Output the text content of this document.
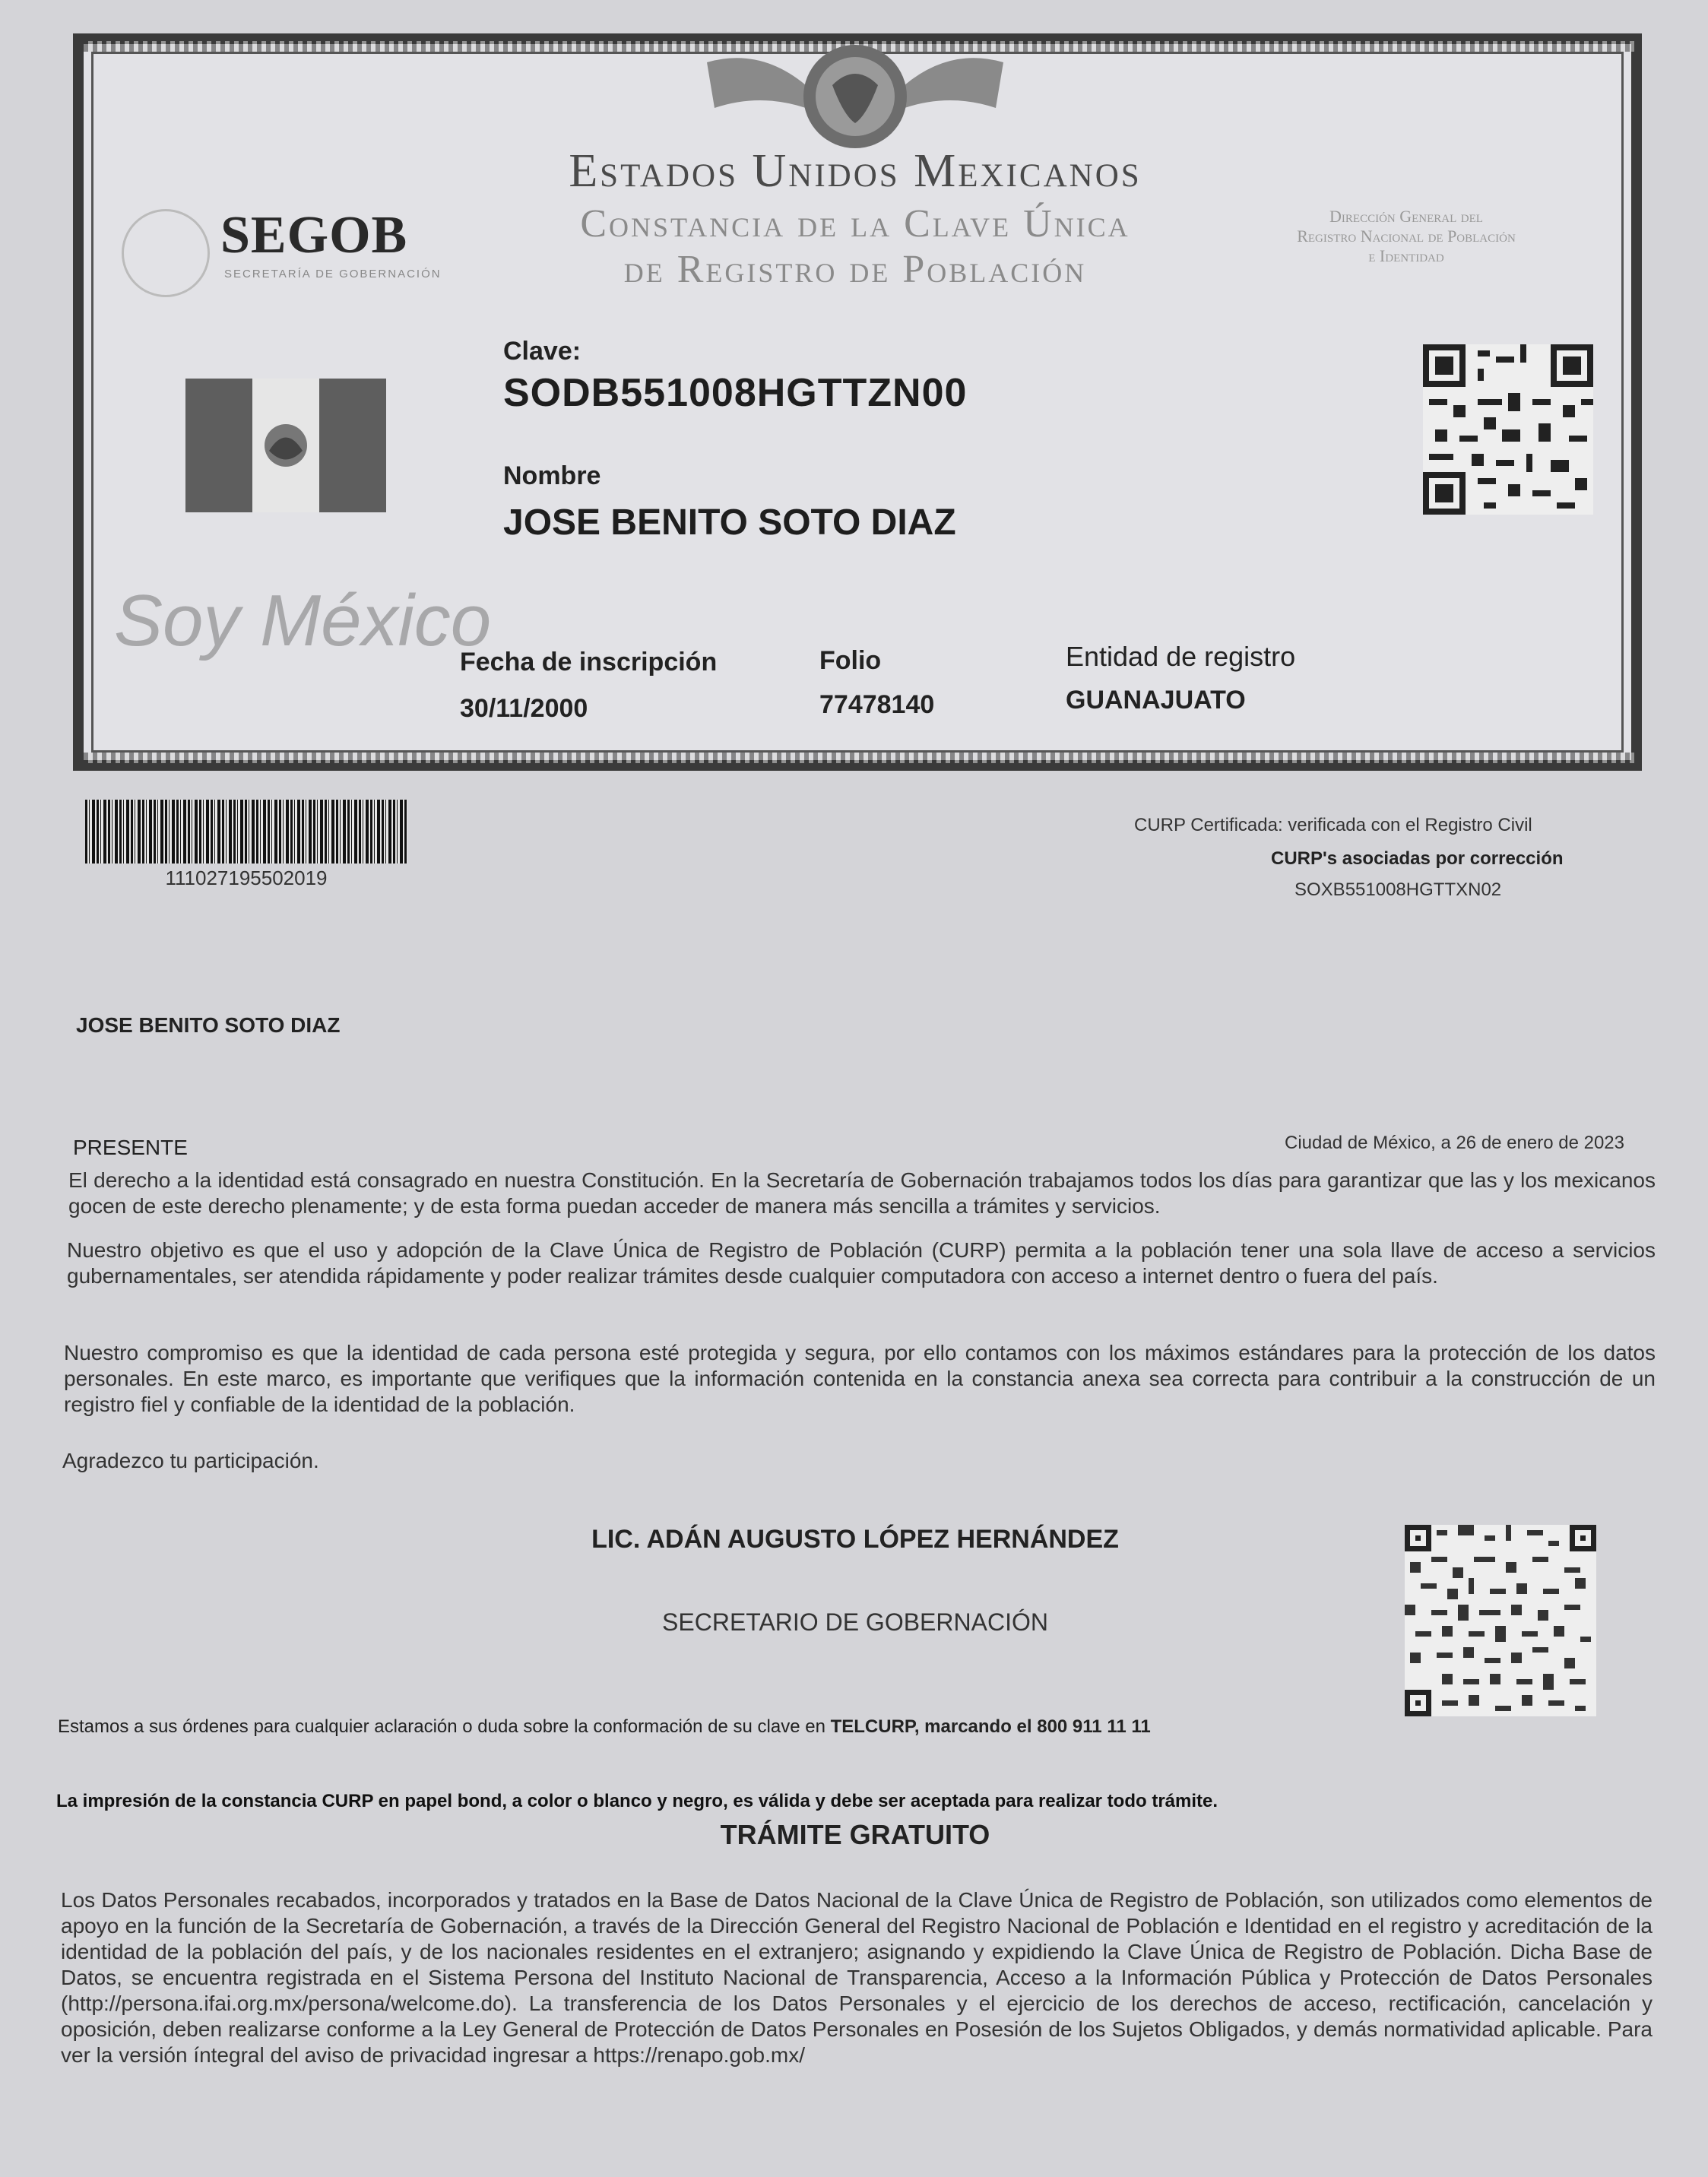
SEGOB
SECRETARÍA DE GOBERNACIÓN
Estados Unidos Mexicanos
Constancia de la Clave Única
de Registro de Población
Dirección General del
Registro Nacional de Población
e Identidad
Soy México
Clave:
SODB551008HGTTZN00
Nombre
JOSE BENITO SOTO DIAZ
Fecha de inscripción
30/11/2000
Folio
77478140
Entidad de registro
GUANAJUATO
111027195502019
CURP Certificada: verificada con el Registro Civil
CURP's asociadas por corrección
SOXB551008HGTTXN02
JOSE BENITO SOTO DIAZ
PRESENTE	Ciudad de México, a 26 de enero de 2023

El derecho a la identidad está consagrado en nuestra Constitución. En la Secretaría de Gobernación trabajamos todos los días para garantizar que las y los mexicanos gocen de este derecho plenamente; y de esta forma puedan acceder de manera más sencilla a trámites y servicios.

Nuestro objetivo es que el uso y adopción de la Clave Única de Registro de Población (CURP) permita a la población tener una sola llave de acceso a servicios gubernamentales, ser atendida rápidamente y poder realizar trámites desde cualquier computadora con acceso a internet dentro o fuera del país.

Nuestro compromiso es que la identidad de cada persona esté protegida y segura, por ello contamos con los máximos estándares para la protección de los datos personales. En este marco, es importante que verifiques que la información contenida en la constancia anexa sea correcta para contribuir a la construcción de un registro fiel y confiable de la identidad de la población.

Agradezco tu participación.
LIC. ADÁN AUGUSTO LÓPEZ HERNÁNDEZ
SECRETARIO DE GOBERNACIÓN
Estamos a sus órdenes para cualquier aclaración o duda sobre la conformación de su clave en TELCURP, marcando el 800 911 11 11
La impresión de la constancia CURP en papel bond, a color o blanco y negro, es válida y debe ser aceptada para realizar todo trámite.
TRÁMITE GRATUITO

Los Datos Personales recabados, incorporados y tratados en la Base de Datos Nacional de la Clave Única de Registro de Población, son utilizados como elementos de apoyo en la función de la Secretaría de Gobernación, a través de la Dirección General del Registro Nacional de Población e Identidad en el registro y acreditación de la identidad de la población del país, y de los nacionales residentes en el extranjero; asignando y expidiendo la Clave Única de Registro de Población. Dicha Base de Datos, se encuentra registrada en el Sistema Persona del Instituto Nacional de Transparencia, Acceso a la Información Pública y Protección de Datos Personales (http://persona.ifai.org.mx/persona/welcome.do). La transferencia de los Datos Personales y el ejercicio de los derechos de acceso, rectificación, cancelación y oposición, deben realizarse conforme a la Ley General de Protección de Datos Personales en Posesión de los Sujetos Obligados, y demás normatividad aplicable. Para ver la versión íntegral del aviso de privacidad ingresar a https://renapo.gob.mx/
